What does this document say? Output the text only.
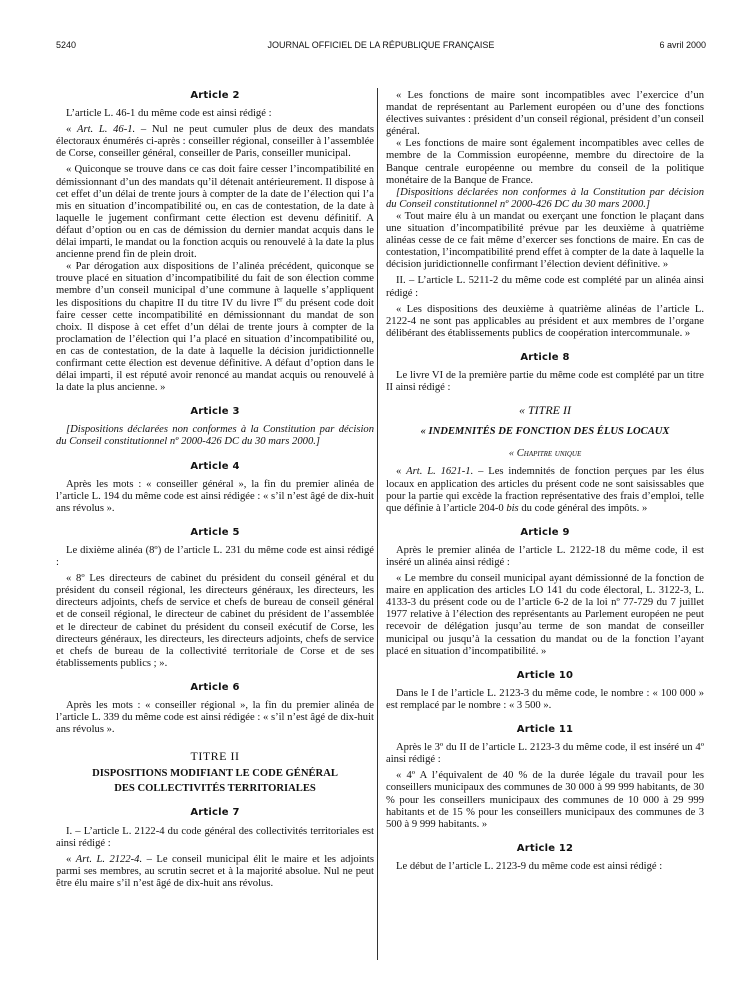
5240	JOURNAL OFFICIEL DE LA RÉPUBLIQUE FRANÇAISE	6 avril 2000
Article 2

L’article L. 46-1 du même code est ainsi rédigé :

« Art. L. 46-1. – Nul ne peut cumuler plus de deux des mandats électoraux énumérés ci-après : conseiller régional, conseiller à l’assemblée de Corse, conseiller général, conseiller de Paris, conseiller municipal.

« Quiconque se trouve dans ce cas doit faire cesser l’incompatibilité en démissionnant d’un des mandats qu’il détenait antérieurement. Il dispose à cet effet d’un délai de trente jours à compter de la date de l’élection qui l’a mis en situation d’incompatibilité ou, en cas de contestation, de la date à laquelle le jugement confirmant cette élection est devenu définitif. A défaut d’option ou en cas de démission du dernier mandat acquis dans le délai imparti, le mandat ou la fonction acquis ou renouvelé à la date la plus ancienne prend fin de plein droit.

« Par dérogation aux dispositions de l’alinéa précédent, quiconque se trouve placé en situation d’incompatibilité du fait de son élection comme membre d’un conseil municipal d’une commune à laquelle s’appliquent les dispositions du chapitre II du titre IV du livre Ier du présent code doit faire cesser cette incompatibilité en démissionnant du mandat de son choix. Il dispose à cet effet d’un délai de trente jours à compter de la proclamation de l’élection qui l’a placé en situation d’incompatibilité ou, en cas de contestation, de la date à laquelle la décision juridictionnelle confirmant cette élection est devenue définitive. A défaut d’option dans le délai imparti, il est réputé avoir renoncé au mandat acquis ou renouvelé à la date la plus ancienne. »

Article 3

[Dispositions déclarées non conformes à la Constitution par décision du Conseil constitutionnel nº 2000-426 DC du 30 mars 2000.]

Article 4

Après les mots : « conseiller général », la fin du premier alinéa de l’article L. 194 du même code est ainsi rédigée : « s’il n’est âgé de dix-huit ans révolus ».

Article 5

Le dixième alinéa (8º) de l’article L. 231 du même code est ainsi rédigé :

« 8º Les directeurs de cabinet du président du conseil général et du président du conseil régional, les directeurs généraux, les directeurs, les directeurs adjoints, chefs de service et chefs de bureau de conseil général et de conseil régional, le directeur de cabinet du président de l’assemblée et le directeur de cabinet du président du conseil exécutif de Corse, les directeurs généraux, les directeurs, les directeurs adjoints, chefs de service et chefs de bureau de la collectivité territoriale de Corse et de ses établissements publics ; ».

Article 6

Après les mots : « conseiller régional », la fin du premier alinéa de l’article L. 339 du même code est ainsi rédigée : « s’il n’est âgé de dix-huit ans révolus ».

TITRE II
DISPOSITIONS MODIFIANT LE CODE GÉNÉRAL
DES COLLECTIVITÉS TERRITORIALES
Article 7

I. – L’article L. 2122-4 du code général des collectivités territoriales est ainsi rédigé :

« Art. L. 2122-4. – Le conseil municipal élit le maire et les adjoints parmi ses membres, au scrutin secret et à la majorité absolue. Nul ne peut être élu maire s’il n’est âgé de dix-huit ans révolus.

« Les fonctions de maire sont incompatibles avec l’exercice d’un mandat de représentant au Parlement européen ou d’une des fonctions électives suivantes : président d’un conseil régional, président d’un conseil général.

« Les fonctions de maire sont également incompatibles avec celles de membre de la Commission européenne, membre du directoire de la Banque centrale européenne ou membre du conseil de la politique monétaire de la Banque de France.

[Dispositions déclarées non conformes à la Constitution par décision du Conseil constitutionnel nº 2000-426 DC du 30 mars 2000.]

« Tout maire élu à un mandat ou exerçant une fonction le plaçant dans une situation d’incompatibilité prévue par les deuxième à quatrième alinéas cesse de ce fait même d’exercer ses fonctions de maire. En cas de contestation, l’incompatibilité prend effet à compter de la date à laquelle la décision juridictionnelle confirmant l’élection devient définitive. »

II. – L’article L. 5211-2 du même code est complété par un alinéa ainsi rédigé :

« Les dispositions des deuxième à quatrième alinéas de l’article L. 2122-4 ne sont pas applicables au président et aux membres de l’organe délibérant des établissements publics de coopération intercommunale. »

Article 8

Le livre VI de la première partie du même code est complété par un titre II ainsi rédigé :

« TITRE II
« INDEMNITÉS DE FONCTION DES ÉLUS LOCAUX
« Chapitre unique

« Art. L. 1621-1. – Les indemnités de fonction perçues par les élus locaux en application des articles du présent code ne sont saisissables que pour la partie qui excède la fraction représentative des frais d’emploi, telle que définie à l’article 204-0 bis du code général des impôts. »

Article 9

Après le premier alinéa de l’article L. 2122-18 du même code, il est inséré un alinéa ainsi rédigé :

« Le membre du conseil municipal ayant démissionné de la fonction de maire en application des articles LO 141 du code électoral, L. 3122-3, L. 4133-3 du présent code ou de l’article 6-2 de la loi nº 77-729 du 7 juillet 1977 relative à l’élection des représentants au Parlement européen ne peut recevoir de délégation jusqu’au terme de son mandat de conseiller municipal ou jusqu’à la cessation du mandat ou de la fonction l’ayant placé en situation d’incompatibilité. »

Article 10

Dans le I de l’article L. 2123-3 du même code, le nombre : « 100 000 » est remplacé par le nombre : « 3 500 ».

Article 11

Après le 3º du II de l’article L. 2123-3 du même code, il est inséré un 4º ainsi rédigé :

« 4º A l’équivalent de 40 % de la durée légale du travail pour les conseillers municipaux des communes de 30 000 à 99 999 habitants, de 30 % pour les conseillers municipaux des communes de 10 000 à 29 999 habitants et de 15 % pour les conseillers municipaux des communes de 3 500 à 9 999 habitants. »

Article 12

Le début de l’article L. 2123-9 du même code est ainsi rédigé :
